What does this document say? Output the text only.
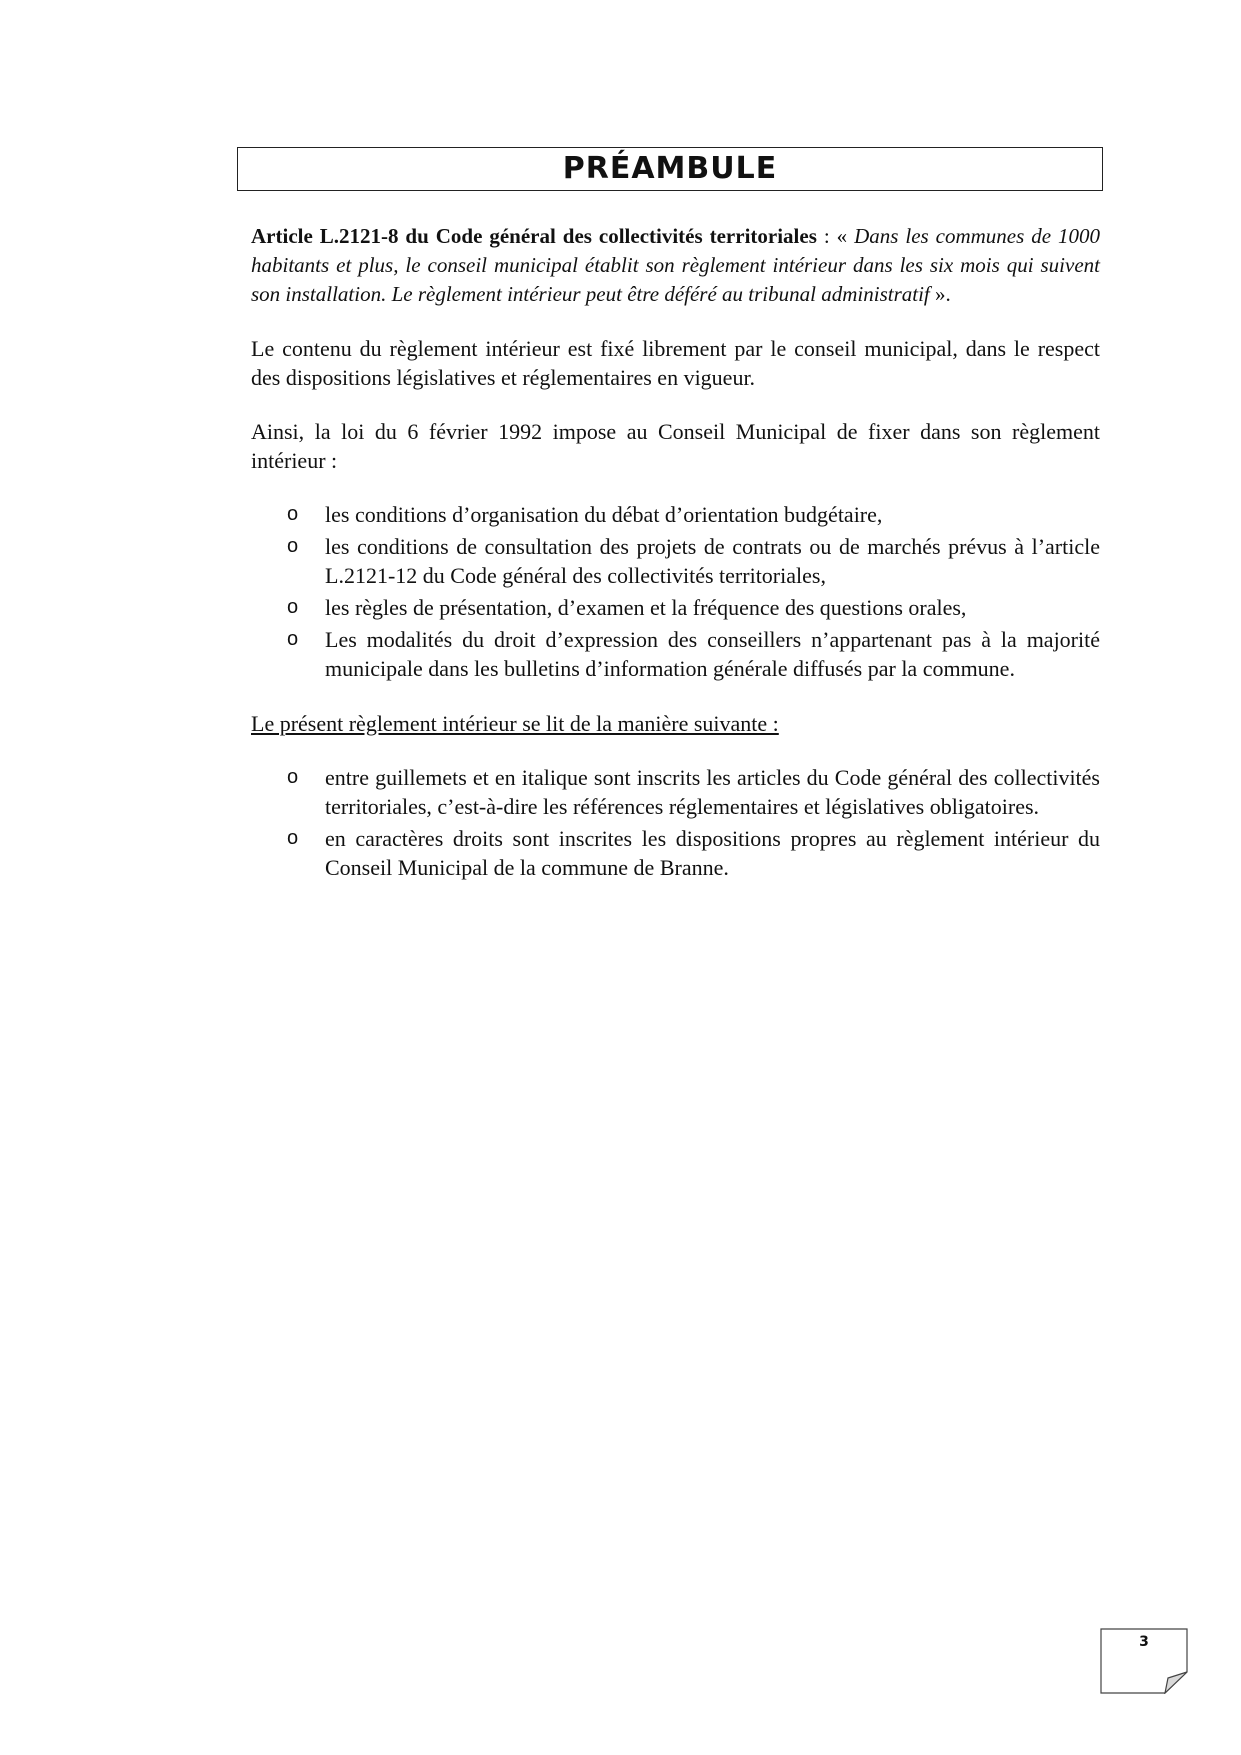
PRÉAMBULE

Article L.2121-8 du Code général des collectivités territoriales : « Dans les communes de 1000 habitants et plus, le conseil municipal établit son règlement intérieur dans les six mois qui suivent son installation. Le règlement intérieur peut être déféré au tribunal administratif ».

Le contenu du règlement intérieur est fixé librement par le conseil municipal, dans le respect des dispositions législatives et réglementaires en vigueur.

Ainsi, la loi du 6 février 1992 impose au Conseil Municipal de fixer dans son règlement intérieur :

o les conditions d’organisation du débat d’orientation budgétaire,
o les conditions de consultation des projets de contrats ou de marchés prévus à l’article L.2121-12 du Code général des collectivités territoriales,
o les règles de présentation, d’examen et la fréquence des questions orales,
o Les modalités du droit d’expression des conseillers n’appartenant pas à la majorité municipale dans les bulletins d’information générale diffusés par la commune.

Le présent règlement intérieur se lit de la manière suivante :

o entre guillemets et en italique sont inscrits les articles du Code général des collectivités territoriales, c’est-à-dire les références réglementaires et législatives obligatoires.
o en caractères droits sont inscrites les dispositions propres au règlement intérieur du Conseil Municipal de la commune de Branne.
3
